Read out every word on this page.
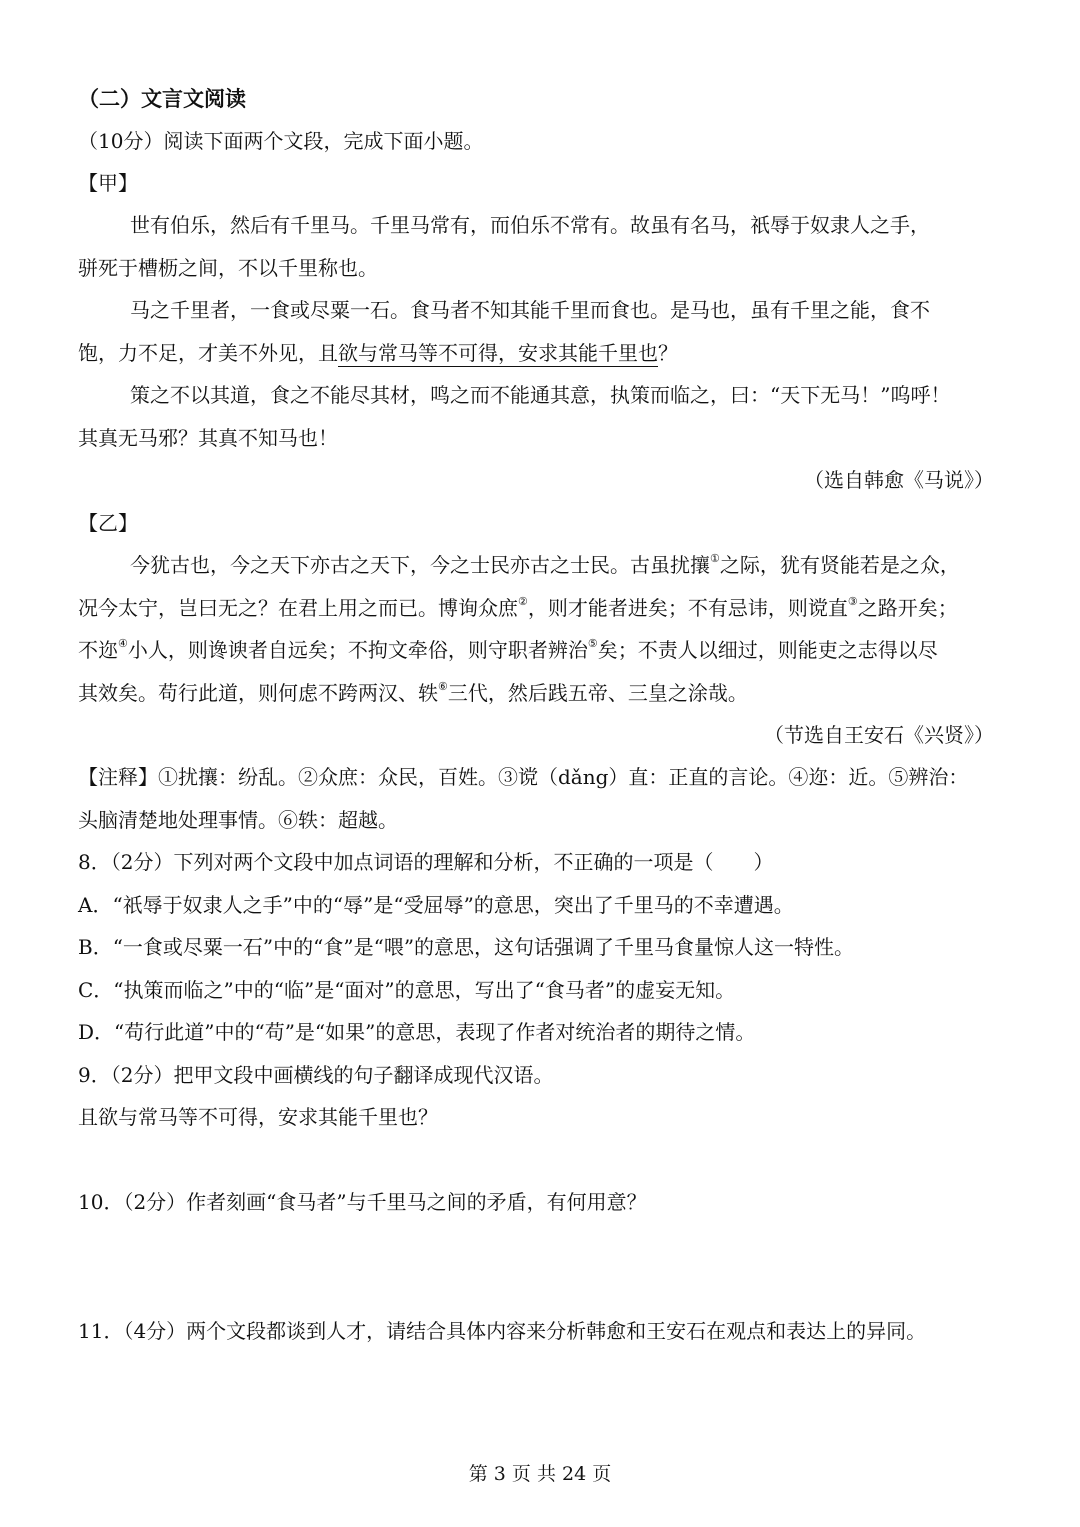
（二）文言文阅读
（10分）阅读下面两个文段，完成下面小题。
【甲】
世有伯乐，然后有千里马。千里马常有，而伯乐不常有。故虽有名马，祇辱于奴隶人之手，
骈死于槽枥之间，不以千里称也。
马之千里者，一食或尽粟一石。食马者不知其能千里而食也。是马也，虽有千里之能，食不
饱，力不足，才美不外见，且欲与常马等不可得，安求其能千里也？
策之不以其道，食之不能尽其材，鸣之而不能通其意，执策而临之，曰：“天下无马！”呜呼！
其真无马邪？其真不知马也！
（选自韩愈《马说》）
【乙】
今犹古也，今之天下亦古之天下，今之士民亦古之士民。古虽扰攘①之际，犹有贤能若是之众，
况今太宁，岂曰无之？在君上用之而已。博询众庶②，则才能者进矣；不有忌讳，则谠直③之路开矣；
不迩④小人，则谗谀者自远矣；不拘文牵俗，则守职者辨治⑤矣；不责人以细过，则能吏之志得以尽
其效矣。苟行此道，则何虑不跨两汉、轶⑥三代，然后践五帝、三皇之涂哉。
（节选自王安石《兴贤》）
【注释】①扰攘：纷乱。②众庶：众民，百姓。③谠（dǎng）直：正直的言论。④迩：近。⑤辨治：
头脑清楚地处理事情。⑥轶：超越。
8．（2分）下列对两个文段中加点词语的理解和分析，不正确的一项是（　　）
A．“祇辱于奴隶人之手”中的“辱”是“受屈辱”的意思，突出了千里马的不幸遭遇。
B．“一食或尽粟一石”中的“食”是“喂”的意思，这句话强调了千里马食量惊人这一特性。
C．“执策而临之”中的“临”是“面对”的意思，写出了“食马者”的虚妄无知。
D．“苟行此道”中的“苟”是“如果”的意思，表现了作者对统治者的期待之情。
9．（2分）把甲文段中画横线的句子翻译成现代汉语。
且欲与常马等不可得，安求其能千里也？
10．（2分）作者刻画“食马者”与千里马之间的矛盾，有何用意？
11．（4分）两个文段都谈到人才，请结合具体内容来分析韩愈和王安石在观点和表达上的异同。
第 3 页 共 24 页
